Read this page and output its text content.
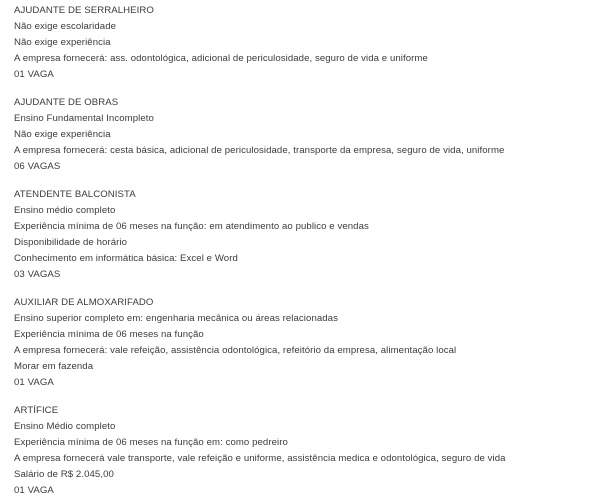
AJUDANTE DE SERRALHEIRO
Não exige escolaridade
Não exige experiência
A empresa fornecerá: ass. odontológica, adicional de periculosidade, seguro de vida e uniforme
01 VAGA
AJUDANTE DE OBRAS
Ensino Fundamental Incompleto
Não exige experiência
A empresa fornecerá: cesta básica, adicional de periculosidade, transporte da empresa, seguro de vida, uniforme
06 VAGAS
ATENDENTE BALCONISTA
Ensino médio completo
Experiência mínima de 06 meses na função: em atendimento ao publico e vendas
Disponibilidade de horário
Conhecimento em informática básica: Excel e Word
03 VAGAS
AUXILIAR DE ALMOXARIFADO
Ensino superior completo em: engenharia mecânica ou áreas relacionadas
Experiência mínima de 06 meses na função
A empresa fornecerá: vale refeição, assistência odontológica, refeitório da empresa, alimentação local
Morar em fazenda
01 VAGA
ARTÍFICE
Ensino Médio completo
Experiência mínima de 06 meses na função em: como pedreiro
A empresa fornecerá vale transporte, vale refeição e uniforme, assistência medica e odontológica, seguro de vida
Salário de R$ 2.045,00
01 VAGA
